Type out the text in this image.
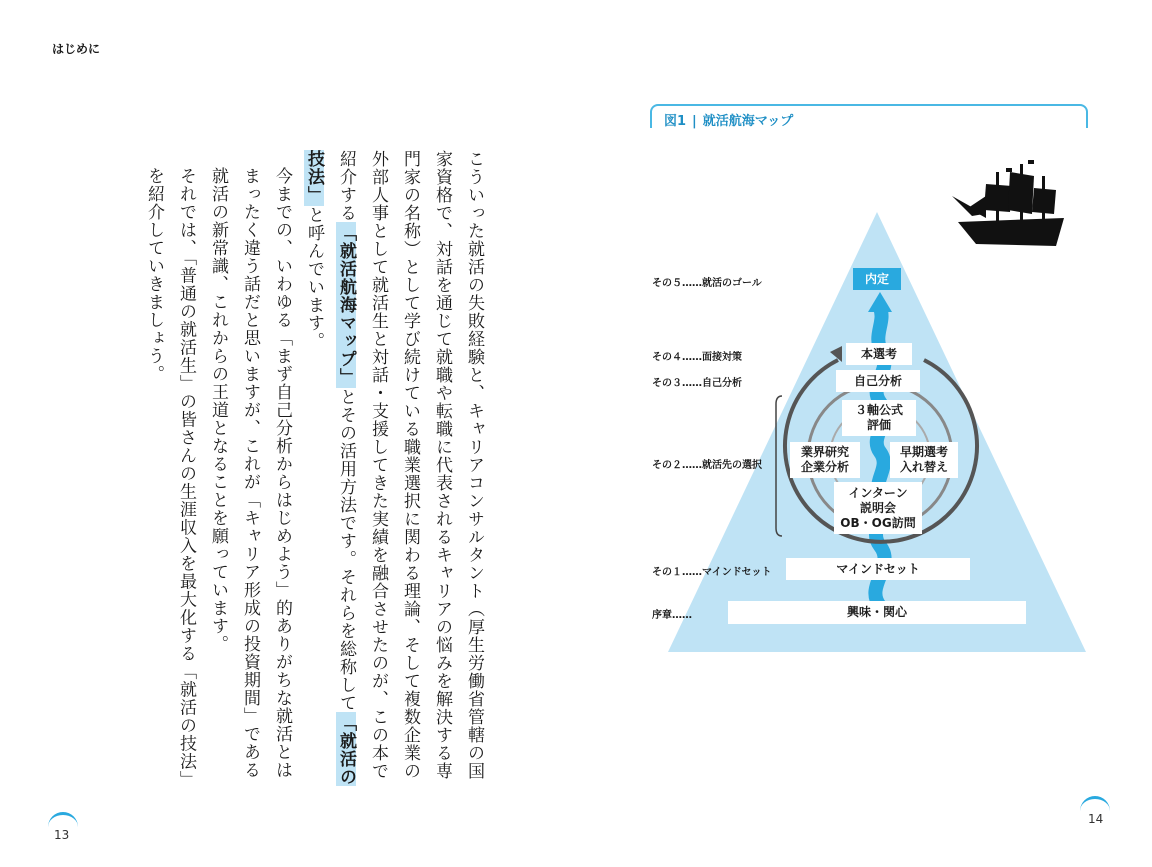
はじめに

こういった就活の失敗経験と、キャリアコンサルタント（厚生労働省管轄の国家資格で、対話を通じて就職や転職に代表されるキャリアの悩みを解決する専門家の名称）として学び続けている職業選択に関わる理論、そして複数企業の外部人事として就活生と対話・支援してきた実績を融合させたのが、この本で紹介する「就活航海マップ」とその活用方法です。それらを総称して「就活の技法」と呼んでいます。

今までの、いわゆる「まず自己分析からはじめよう」的ありがちな就活とはまったく違う話だと思いますが、これが「キャリア形成の投資期間」である就活の新常識、これからの王道となることを願っています。

それでは、「普通の就活生」の皆さんの生涯収入を最大化する「就活の技法」を紹介していきましょう。

13
14
図1 | 就活航海マップ
その５……就活のゴール
その４……面接対策
その３……自己分析
その２……就活先の選択
その１……マインドセット
序章……
内定
本選考
自己分析
３軸公式
評価
業界研究
企業分析
早期選考
入れ替え
インターン
説明会
OB・OG訪問
マインドセット
興味・関心
